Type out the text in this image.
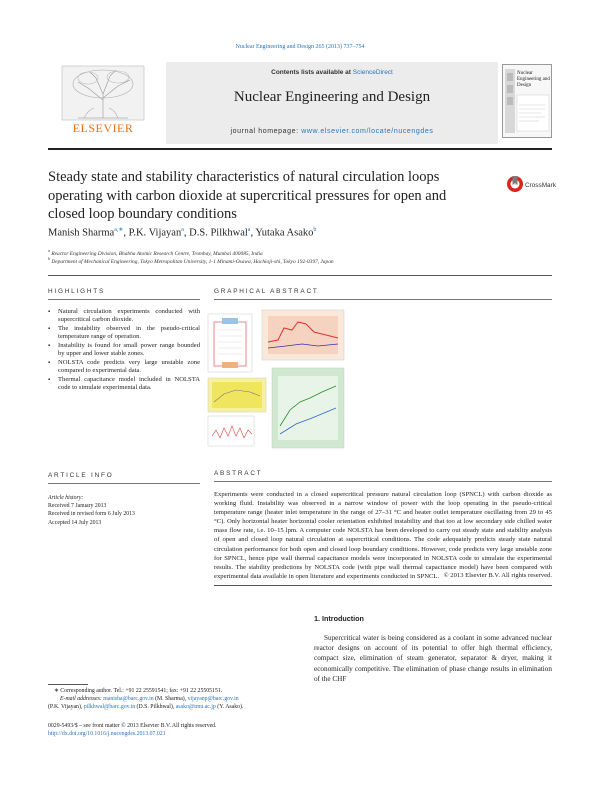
Nuclear Engineering and Design 265 (2013) 737–754
ELSEVIER
Contents lists available at ScienceDirect
Nuclear Engineering and Design
journal homepage: www.elsevier.com/locate/nucengdes
Nuclear Engineering and Design
Steady state and stability characteristics of natural circulation loops operating with carbon dioxide at supercritical pressures for open and closed loop boundary conditions
CrossMark
Manish Sharma$^{a,∗}$, P.K. Vijayan$^a$, D.S. Pilkhwal$^a$, Yutaka Asako$^b$
$^a$ Reactor Engineering Division, Bhabha Atomic Research Centre, Trombay, Mumbai 400085, India
$^b$ Department of Mechanical Engineering, Tokyo Metropolitan University, 1-1 Minami-Osawa, Hachioji-shi, Tokyo 192-0397, Japan
HIGHLIGHTS
▪ Natural circulation experiments conducted with supercritical carbon dioxide.
▪ The instability observed in the pseudo-critical temperature range of operation.
▪ Instability is found for small power range bounded by upper and lower stable zones.
▪ NOLSTA code predicts very large unstable zone compared to experimental data.
▪ Thermal capacitance model included in NOLSTA code to simulate experimental data.
GRAPHICAL ABSTRACT
ARTICLE INFO
Article history:
Received 7 January 2013
Received in revised form 6 July 2013
Accepted 14 July 2013
ABSTRACT

Experiments were conducted in a closed supercritical pressure natural circulation loop (SPNCL) with carbon dioxide as working fluid. Instability was observed in a narrow window of power with the loop operating in the pseudo-critical temperature range (heater inlet temperature in the range of 27–31 °C and heater outlet temperature oscillating from 29 to 45 °C). Only horizontal heater horizontal cooler orientation exhibited instability and that too at low secondary side chilled water mass flow rate, i.e. 10–15 lpm. A computer code NOLSTA has been developed to carry out steady state and stability analysis of open and closed loop natural circulation at supercritical conditions. The code adequately predicts steady state natural circulation performance for both open and closed loop boundary conditions. However, code predicts very large unstable zone for SPNCL, hence pipe wall thermal capacitance models were incorporated in NOLSTA code to simulate the experimental results. The stability predictions by NOLSTA code (with pipe wall thermal capacitance model) have been compared with experimental data available in open literature and experiments conducted in SPNCL. © 2013 Elsevier B.V. All rights reserved.
1. Introduction

Supercritical water is being considered as a coolant in some advanced nuclear reactor designs on account of its potential to offer high thermal efficiency, compact size, elimination of steam generator, separator & dryer, making it economically competitive. The elimination of phase change results in elimination of the CHF

∗ Corresponding author. Tel.: +91 22 25591541; fax: +91 22 25505151.
E-mail addresses: manisha@barc.gov.in (M. Sharma), vijayanp@barc.gov.in
(P.K. Vijayan), pilkhwal@barc.gov.in (D.S. Pilkhwal), asako@tmu.ac.jp (Y. Asako).
0029-5493/$ – see front matter © 2013 Elsevier B.V. All rights reserved.
http://dx.doi.org/10.1016/j.nucengdes.2013.07.021
